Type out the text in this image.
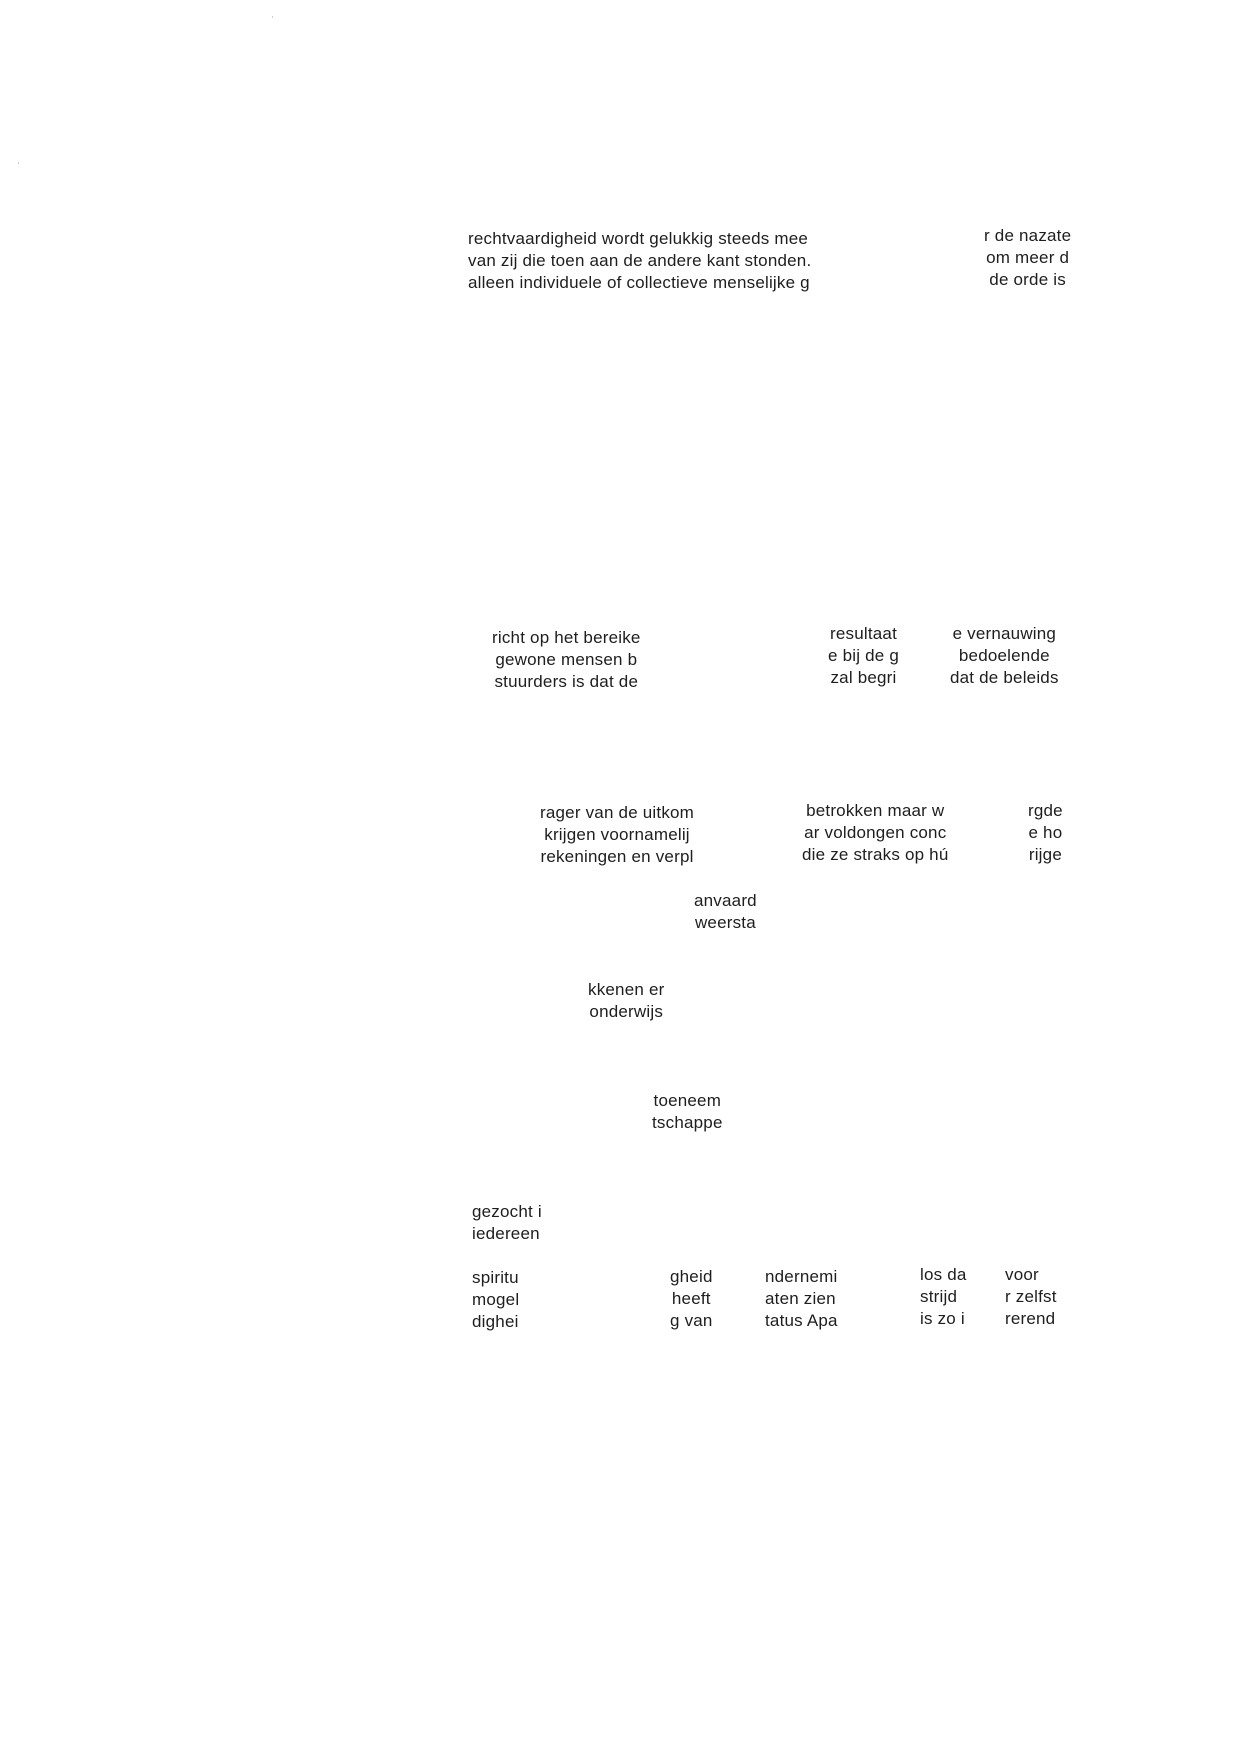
rechtvaardigheid wordt gelukkig steeds mee
van zij die toen aan de andere kant stonden.
alleen individuele of collectieve menselijke g
r de nazate
om meer d
de orde is
richt op het bereike
gewone mensen b
stuurders is dat de
resultaat
e bij de g
zal begri
e vernauwing
bedoelende
dat de beleids
rager van de uitkom
krijgen voornamelij
rekeningen en verpl
betrokken maar w
ar voldongen conc
die ze straks op hú
rgde
e ho
rijge
anvaard
weersta
kkenen er
onderwijs
toeneem
tschappe
gezocht i
iedereen
spiritu
mogel
dighei
gheid
heeft
g van
ndernemi
aten zien
tatus Apa
los da
strijd
is zo i
voor
r zelfst
rerend
